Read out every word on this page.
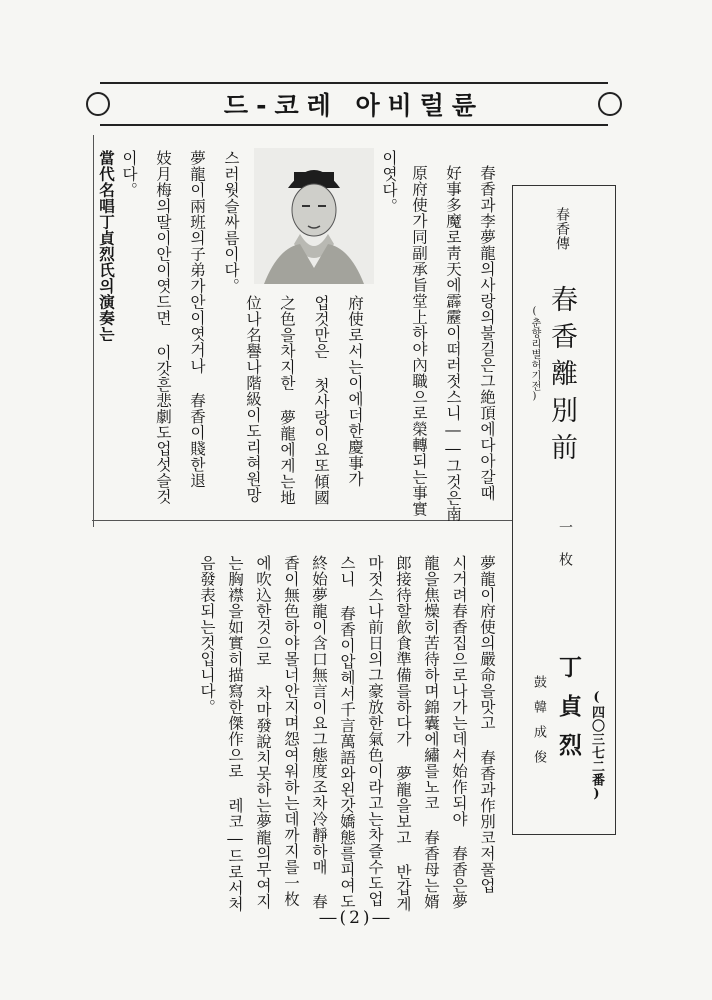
드-코레 아비럴륜
春香傳
春香離別前
(춘향리별허기전)
一枚
(四〇三七二番)
丁貞烈
鼓韓成俊
春香과李夢龍의사랑의불길은그絶頂에다아갈때
好事多魔로靑天에霹靂이떠러젓스니――그것은南
原府使가同副承旨堂上하야內職으로榮轉되는事實
이엿다。
府使로서는이에더한慶事가
업것만은 첫사랑이요또傾國
之色을차지한 夢龍에게는地
位나名譽나階級이도리혀원망
스러웟슬싸름이다。
夢龍이兩班의子弟가안이엿거나 春香이賤한退
妓月梅의딸이안이엿드면 이갓흔悲劇도업섯슬것
이다。
當代名唱丁貞烈氏의演奏는
夢龍이府使의嚴命을맛고 春香과作別코저풀업
시거려春香집으로나가는데서始作되야 春香은夢
龍을焦燥히苦待하며錦囊에繡를노코 春香母는婿
郎接待할飮食準備를하다가 夢龍을보고 반갑게
마젓스나前日의그豪放한氣色이라고는차즐수도업
스니 春香이압헤서千言萬語와왼갓嬌態를피여도
終始夢龍이含口無言이요그態度조차冷靜하매 春
香이無色하야몰너안지며怨여워하는데까지를一枚
에吹込한것으로 차마發說치못하는夢龍의무여지
는胸襟을如實히描寫한傑作으로 레코―드로서처
음發表되는것입니다。
―(2)―
